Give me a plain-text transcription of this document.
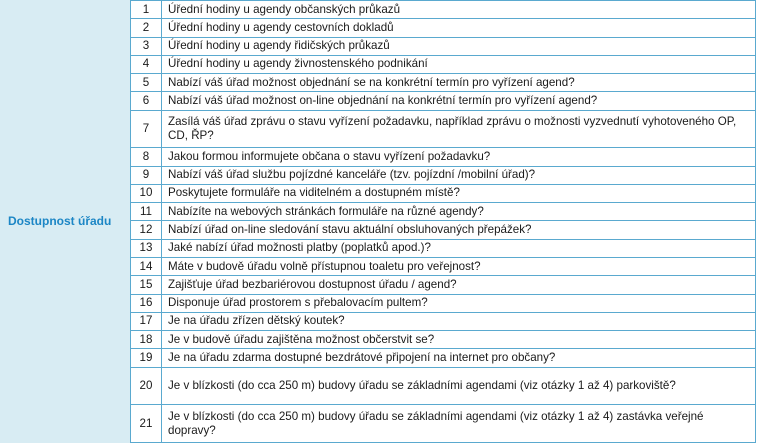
Dostupnost úřadu
1	Úřední hodiny u agendy občanských průkazů
2	Úřední hodiny u agendy cestovních dokladů
3	Úřední hodiny u agendy řidičských průkazů
4	Úřední hodiny u agendy živnostenského podnikání
5	Nabízí váš úřad možnost objednání se na konkrétní termín pro vyřízení agend?
6	Nabízí váš úřad možnost on-line objednání na konkrétní termín pro vyřízení agend?
7	Zasílá váš úřad zprávu o stavu vyřízení požadavku, například zprávu o možnosti vyzvednutí vyhotoveného OP, CD, ŘP?
8	Jakou formou informujete občana o stavu vyřízení požadavku?
9	Nabízí váš úřad službu pojízdné kanceláře (tzv. pojízdní /mobilní úřad)?
10	Poskytujete formuláře na viditelném a dostupném místě?
11	Nabízíte na webových stránkách formuláře na různé agendy?
12	Nabízí úřad on-line sledování stavu aktuální obsluhovaných přepážek?
13	Jaké nabízí úřad možnosti platby (poplatků apod.)?
14	Máte v budově úřadu volně přístupnou toaletu pro veřejnost?
15	Zajišťuje úřad bezbariérovou dostupnost úřadu / agend?
16	Disponuje úřad prostorem s přebalovacím pultem?
17	Je na úřadu zřízen dětský koutek?
18	Je v budově úřadu zajištěna možnost občerstvit se?
19	Je na úřadu zdarma dostupné bezdrátové připojení na internet pro občany?
20	Je v blízkosti (do cca 250 m) budovy úřadu se základními agendami (viz otázky 1 až 4) parkoviště?
21	Je v blízkosti (do cca 250 m) budovy úřadu se základními agendami (viz otázky 1 až 4) zastávka veřejné dopravy?
